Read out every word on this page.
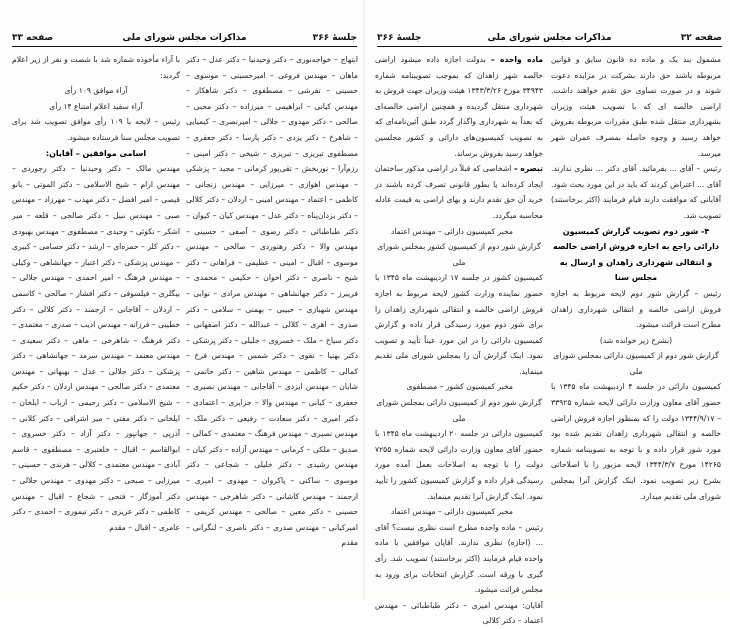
جلسهٔ ۳۶۶
مذاکرات مجلس شورای ملی
صفحه ۳۳

ابتهاج – خواجه‌نوری – دکتر وحیدنیا – دکتر عدل – دکتر ماهان – مهندس فروغی – امیرحسینی – موسوی – حسینی – تفرشی – مصطفوی – دکتر شاهکار – مهندس کیانی – ابراهیمی – میرزاده – دکتر محبی – صالحی – دکتر مهدوی – جلالی – امیرنصری – کیمیایی – شاهرخ – دکتر یزدی – دکتر پارسا – دکتر جعفری – مصطفوی تبریزی – تبریزی – شیخی – دکتر امینی – رزم‌آرا – نوربخش – تقی‌پور کرمانی – مجید – پزشکی – مهندس اهوازی – میرزایی – مهندس زنجانی – کاظمی – اعتماد – مهندس امینی – اردلان – دکتر کلالی – دکتر یزدان‌پناه – دکتر عدل – مهندس کیان – کیوان – دکتر طباطبائی – دکتر رضوی – آصفی – حسینی – مهندس والا – دکتر رهنوردی – صالحی – مهندس موسوی – اقبال – امینی – عظیمی – فراهانی – دکتر شیخ – ناصری – دکتر اخوان – حکیمی – محمدی – فریبرز – دکتر جهانشاهی – مهندس مرادی – نوابی – مهندس شهبازی – حبیبی – بهمنی – سلامی – دکتر صدری – اهری – کلالی – عبدالله – دکتر اصفهانی – دکتر سیاح – ملک – خسروی – جلیلی – دکتر پزشکی – دکتر بهنیا – تقوی – دکتر شمس – مهندس فرخ – کمالی – کاظمی – مهندس شاهین – دکتر حاتمی – شایان – مهندس ایزدی – آقاجانی – مهندس نصیری – جعفری – کیانی – مهندس والا – جزایری – اعتمادی – دکتر امیری – دکتر سعادت – رفیعی – دکتر ملک – مهندس نصیری – مهندس فرهنگ – معتمدی – کمالی – صدیق – ملکی – کرمانی – مهندس آزاده – دکتر کیان – مهندس رشیدی – دکتر خلیلی – شجاعی – دکتر موسوی – ساکنی – پاکروان – مهدوی – امیری – ارجمند – مهندس کاشانی – دکتر شاهرخی – مهندس حسینی – دکتر معین – صالحی – مهندس کریمی – امیرکیانی – مهندس صدری – دکتر ناصری – لنگرانی – مقدم

با آراء مأخوذه شماره شد با شصت و نفر از زیر اعلام گردید:

آراء موافق ۱۰۹ رأی

آراء سفید اعلام امتناع ۱۴ رأی

رئیس – لایحه با ۱۰۹ رأی موافق تصویب شد برای تصویب مجلس سنا فرستاده میشود.

اسامی موافقین – آقایان:

مهندس مالک – دکتر وحیدنیا – دکتر رجوردی – مهندس ارام – شیخ الاسلامی – دکتر الموتی – بانو قیصی – امیر افضل – دکتر مهذب – مهرزاد – مهندس صبی – مهندس نبیل – دکتر صالحی – قلعه – میر اشکر – نکوئی – وحیدی – مصطفوی – مهندس بهبودی – دکتر کلر – حمزه‌ای – ارشد – دکتر حسامی – کبیری – مهندس پزشکی – دکتر اعتبار – جهانشاهی – وکیلی – مهندس فرهنگ – امیر احمدی – مهندس جلالی – بیگلری – فیلسوفی – دکتر افشار – صالحی – کاسمی – اردلان – آقاجانی – ارجمند – دکتر کلالی – دکتر خطیبی – فرزانه – مهندس ادیب – صدری – معتمدی – دکتر فرهنگ – شاهرخی – ماهی – دکتر سعیدی – مهندس معتمد – مهندس سرمد – جهانشاهی – دکتر پزشکی – دکتر جلالی – عدل – بهبهانی – مهندس معتمدی – دکتر صالحی – مهندس اردلان – دکتر حکیم – شیخ الاسلامی – دکتر رحیمی – ارباب – ایلخان – ایلخانی – دکتر مفتی – میر اشرافی – دکتر کلانی – آذرپی – جهانپور – دکتر آزاد – دکتر خسروی – ابوالقاسم – اقبال – خلعتبری – مصطفوی – قاسم آبادی – مهندس معتمدی – کلالی – هرندی – حسینی – میرزایی – صبحی – دکتر مهدوی – مهندس جلالی – دکتر آموزگار – فتحی – شجاع – اقبال – مهندس کاظمی – دکتر عزیزی – دکتر تیموری – احمدی – دکتر عامری – اقبال – مقدم

صفحه ۳۲
مذاکرات مجلس شورای ملی
جلسهٔ ۳۶۶

مشمول بند یک و ماده ده قانون سابق و قوانین مربوطه باشند حق دارند بشرکت در مزایده دعوت شوند و در صورت تساوی حق تقدم خواهند داشت. اراضی خالصه ای که با تصویب هیئت وزیران بشهرداری منتقل شده طبق مقررات مربوطه بفروش خواهد رسید و وجوه حاصله بمصرف عمران شهر میرسد.

رئیس – آقای ... بفرمائید. آقای دکتر ... نظری ندارند. آقای ... اعتراض کردند که باید در این مورد بحث شود. آقایانی که موافقت دارند قیام فرمایند (اکثر برخاستند) تصویب شد.

۴- شور دوم تصویب گزارش کمیسیون دارائی راجع به اجازه فروش اراضی خالصه و انتقالی شهرداری زاهدان و ارسال به مجلس سنا

رئیس – گزارش شور دوم لایحه مربوط به اجازه فروش اراضی خالصه و انتقالی شهرداری زاهدان مطرح است قرائت میشود.

(بشرح زیر خوانده شد)

گزارش شور دوم از کمیسیون دارائی بمجلس شورای ملی

کمیسیون دارائی در جلسه ۴ اردیبهشت ماه ۱۳۴۵ با حضور آقای معاون وزارت دارائی لایحه شماره ۳۳۹۲۵ – ۱۳۴۴/۹/۱۷ دولت را که بمنظور اجازه فروش اراضی خالصه و انتقالی شهرداری زاهدان تقدیم شده بود مورد شور قرار داده و با توجه به تصویبنامه شماره ۱۴۲۶۵ مورخ ۱۳۴۴/۳/۷ لایحه مزبور را با اصلاحاتی بشرح زیر تصویب نمود. اینک گزارش آنرا بمجلس شورای ملی تقدیم میدارد.

ماده واحده – بدولت اجازه داده میشود اراضی خالصه شهر زاهدان که بموجب تصویبنامه شماره ۳۴۹۴۳ مورخ ۱۳۴۳/۳/۲۶ هیئت وزیران جهت فروش به شهرداری منتقل گردیده و همچنین اراضی خالصه‌ای که بعداً به شهرداری واگذار گردد طبق آئین‌نامه‌ای که به تصویب کمیسیون‌های دارائی و کشور مجلسین خواهد رسید بفروش برساند.

تبصره – اشخاصی که قبلاً در اراضی مذکور ساختمان ایجاد کرده‌اند یا بطور قانونی تصرف کرده باشند در خرید آن حق تقدم دارند و بهای اراضی به قیمت عادله محاسبه میگردد.

مخبر کمیسیون دارائی – مهندس اعتماد

گزارش شور دوم از کمیسیون کشور بمجلس شورای ملی

کمیسیون کشور در جلسه ۱۷ اردیبهشت ماه ۱۳۴۵ با حضور نماینده وزارت کشور لایحه مربوط به اجازه فروش اراضی خالصه و انتقالی شهرداری زاهدان را برای شور دوم مورد رسیدگی قرار داده و گزارش کمیسیون دارائی را در این مورد عیناً تأیید و تصویب نمود. اینک گزارش آن را بمجلس شورای ملی تقدیم مینماید.

مخبر کمیسیون کشور – مصطفوی

گزارش شور دوم از کمیسیون دارائی بمجلس شورای ملی

کمیسیون دارائی در جلسه ۲۰ اردیبهشت ماه ۱۳۴۵ با حضور آقای معاون وزارت دارائی لایحه شماره ۷۲۵۵ دولت را با توجه به اصلاحات بعمل آمده مورد رسیدگی قرار داده و گزارش کمیسیون کشور را تأیید نمود. اینک گزارش آنرا تقدیم مینماید.

مخبر کمیسیون دارائی – مهندس اعتماد

رئیس – ماده واحده مطرح است نظری نیست؟ آقای ... (اجازه) نظری ندارند. آقایان موافقین با ماده واحده قیام فرمایند (اکثر برخاستند) تصویب شد. رأی گیری با ورقه است. گزارش انتخابات برای ورود به مجلس قرائت میشود.

آقایان: مهندس امیری – دکتر طباطبائی – مهندس اعتماد – دکتر کلالی
